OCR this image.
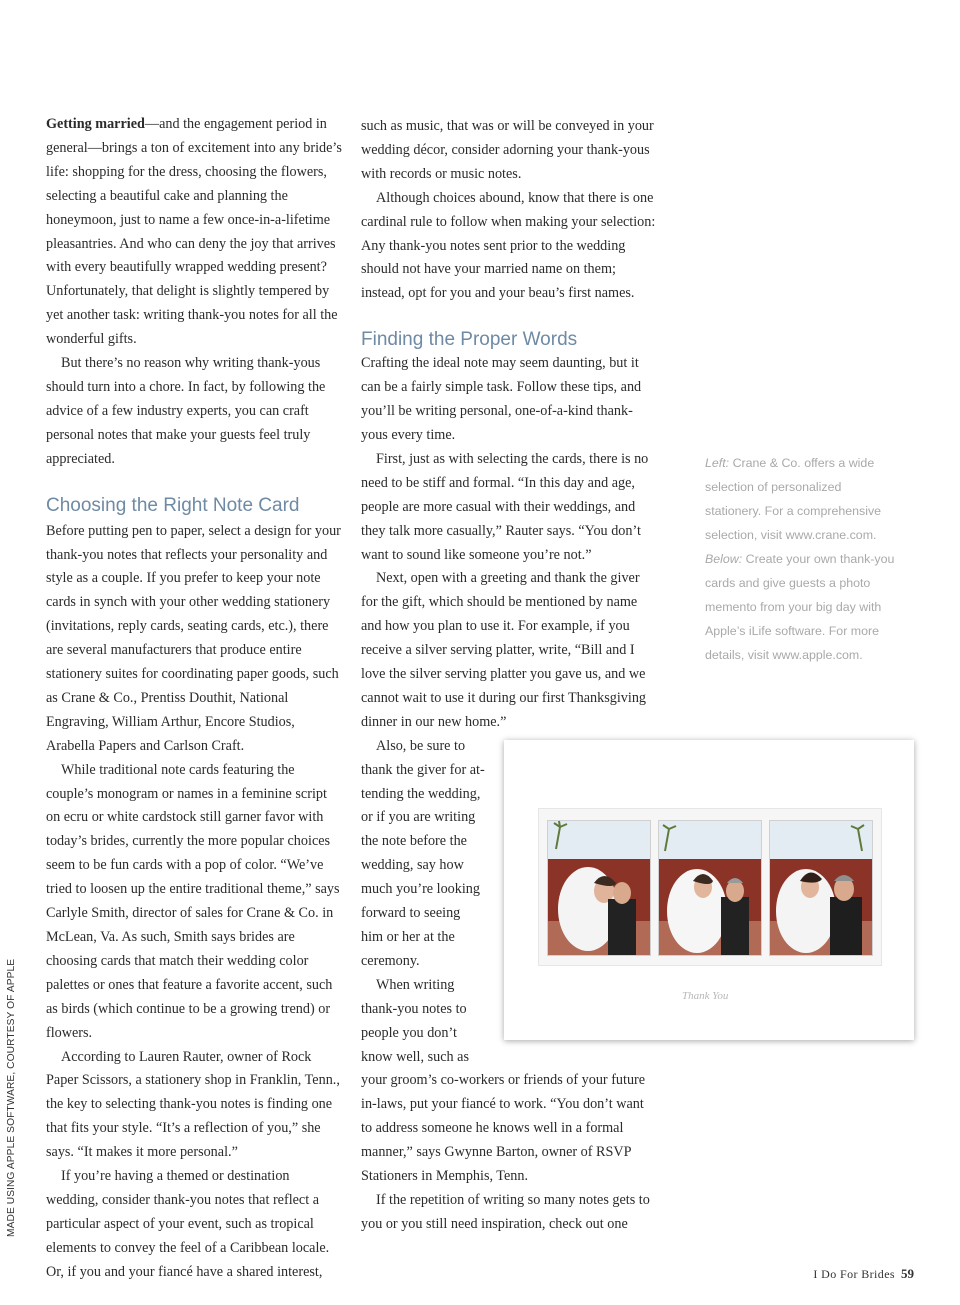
Getting married—and the engagement period in general—brings a ton of excitement into any bride’s life: shopping for the dress, choosing the flowers, selecting a beautiful cake and planning the honeymoon, just to name a few once-in-a-lifetime pleasantries. And who can deny the joy that arrives with every beautifully wrapped wedding present? Unfortunately, that delight is slightly tempered by yet another task: writing thank-you notes for all the wonderful gifts.

But there’s no reason why writing thank-yous should turn into a chore. In fact, by following the advice of a few industry experts, you can craft personal notes that make your guests feel truly appreciated.

Choosing the Right Note Card

Before putting pen to paper, select a design for your thank-you notes that reflects your personality and style as a couple. If you prefer to keep your note cards in synch with your other wedding stationery (invitations, reply cards, seating cards, etc.), there are several manufacturers that produce entire stationery suites for coordinating paper goods, such as Crane & Co., Prentiss Douthit, National Engraving, William Arthur, Encore Studios, Arabella Papers and Carlson Craft.

While traditional note cards featuring the couple’s monogram or names in a feminine script on ecru or white cardstock still garner favor with today’s brides, currently the more popular choices seem to be fun cards with a pop of color. “We’ve tried to loosen up the entire traditional theme,” says Carlyle Smith, director of sales for Crane & Co. in McLean, Va. As such, Smith says brides are choosing cards that match their wedding color palettes or ones that feature a favorite accent, such as birds (which continue to be a growing trend) or flowers.

According to Lauren Rauter, owner of Rock Paper Scissors, a stationery shop in Franklin, Tenn., the key to selecting thank-you notes is finding one that fits your style. “It’s a reflection of you,” she says. “It makes it more personal.”

If you’re having a themed or destination wedding, consider thank-you notes that reflect a particular aspect of your event, such as tropical elements to convey the feel of a Caribbean locale. Or, if you and your fiancé have a shared interest,

such as music, that was or will be conveyed in your wedding décor, consider adorning your thank-yous with records or music notes.

Although choices abound, know that there is one cardinal rule to follow when making your selection: Any thank-you notes sent prior to the wedding should not have your married name on them; instead, opt for you and your beau’s first names.

Finding the Proper Words

Crafting the ideal note may seem daunting, but it can be a fairly simple task. Follow these tips, and you’ll be writing personal, one-of-a-kind thank-yous every time.

First, just as with selecting the cards, there is no need to be stiff and formal. “In this day and age, people are more casual with their weddings, and they talk more casually,” Rauter says. “You don’t want to sound like someone you’re not.”

Next, open with a greeting and thank the giver for the gift, which should be mentioned by name and how you plan to use it. For example, if you receive a silver serving platter, write, “Bill and I love the silver serving platter you gave us, and we cannot wait to use it during our first Thanksgiving dinner in our new home.”

Also, be sure to
thank the giver for at-
tending the wedding,
or if you are writing
the note before the
wedding, say how
much you’re looking
forward to seeing
him or her at the
ceremony.

When writing
thank-you notes to
people you don’t
know well, such as
your groom’s co-workers or friends of your future in-laws, put your fiancé to work. “You don’t want to address someone he knows well in a formal manner,” says Gwynne Barton, owner of RSVP Stationers in Memphis, Tenn.

If the repetition of writing so many notes gets to you or you still need inspiration, check out one

Left: Crane & Co. offers a wide selection of personalized stationery. For a comprehensive selection, visit www.crane.com. Below: Create your own thank-you cards and give guests a photo memento from your big day with Apple’s iLife software. For more details, visit www.apple.com.
Thank You
MADE USING APPLE SOFTWARE, COURTESY OF APPLE
I Do For Brides 59
